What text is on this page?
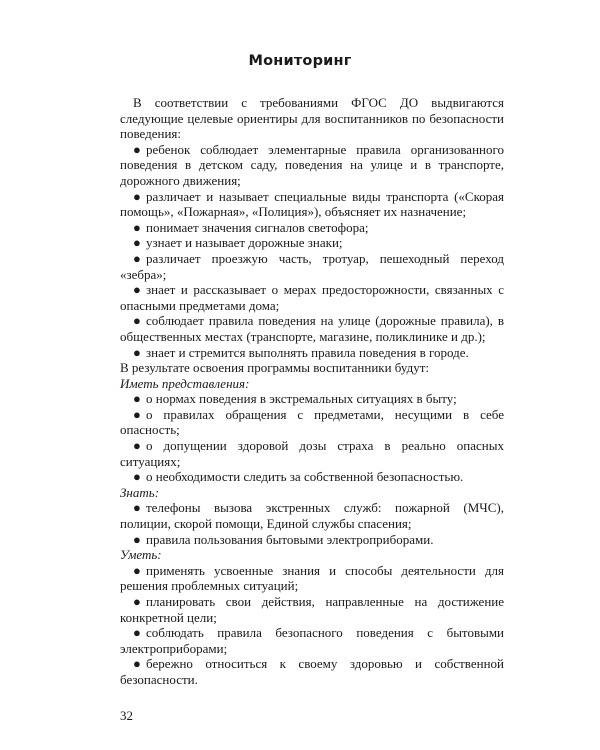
Мониторинг

В соответствии с требованиями ФГОС ДО выдвигаются следующие целевые ориентиры для воспитанников по безопасности поведения:

● ребенок соблюдает элементарные правила организованного поведения в детском саду, поведения на улице и в транспорте, дорожного движения;

● различает и называет специальные виды транспорта («Скорая помощь», «Пожарная», «Полиция»), объясняет их назначение;

● понимает значения сигналов светофора;

● узнает и называет дорожные знаки;

● различает проезжую часть, тротуар, пешеходный переход «зебра»;

● знает и рассказывает о мерах предосторожности, связанных с опасными предметами дома;

● соблюдает правила поведения на улице (дорожные правила), в общественных местах (транспорте, магазине, поликлинике и др.);

● знает и стремится выполнять правила поведения в городе.

В результате освоения программы воспитанники будут:

Иметь представления:

● о нормах поведения в экстремальных ситуациях в быту;

● о правилах обращения с предметами, несущими в себе опасность;

● о допущении здоровой дозы страха в реально опасных ситуациях;

● о необходимости следить за собственной безопасностью.

Знать:

● телефоны вызова экстренных служб: пожарной (МЧС), полиции, скорой помощи, Единой службы спасения;

● правила пользования бытовыми электроприборами.

Уметь:

● применять усвоенные знания и способы деятельности для решения проблемных ситуаций;

● планировать свои действия, направленные на достижение конкретной цели;

● соблюдать правила безопасного поведения с бытовыми электроприборами;

● бережно относиться к своему здоровью и собственной безопасности.

32
